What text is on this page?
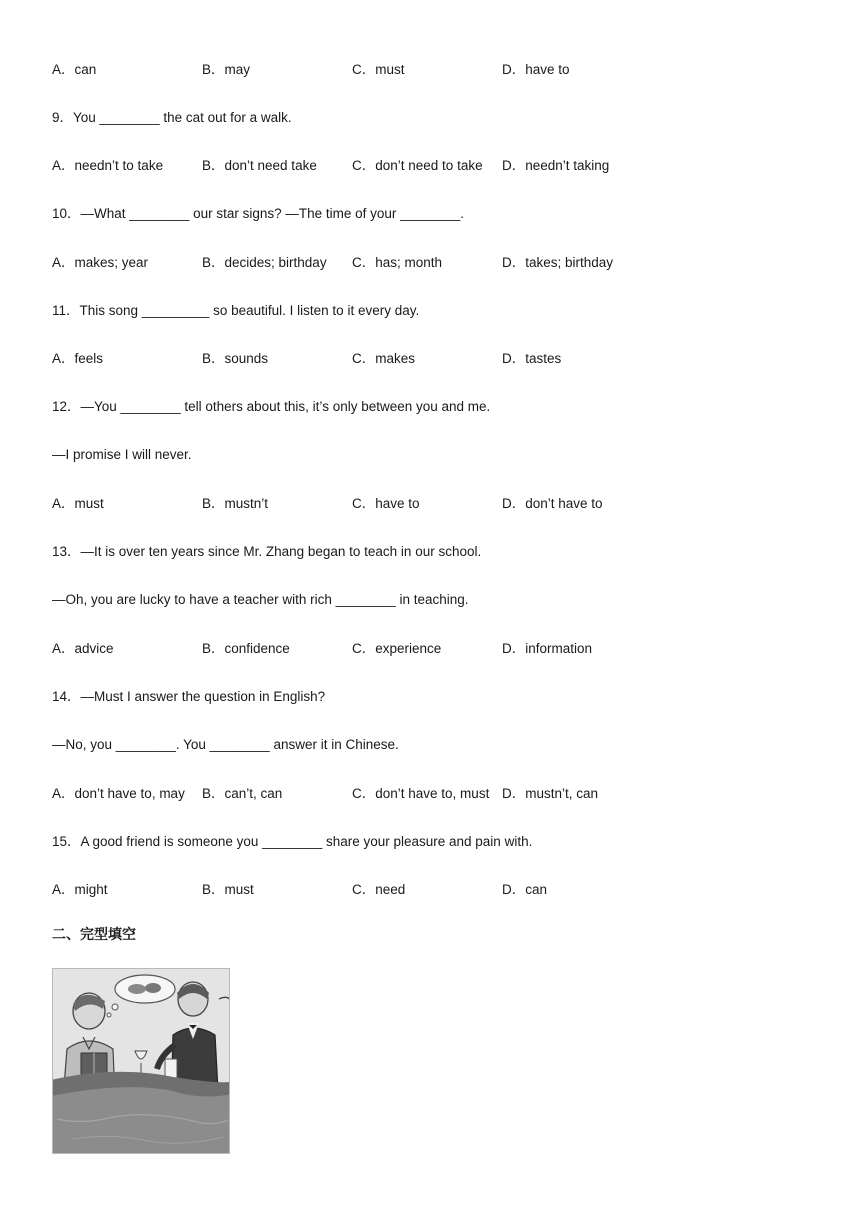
A．can	B．may	C．must	D．have to
9．You ________ the cat out for a walk.
A．needn’t to take	B．don’t need take	C．don’t need to take D．needn’t taking
10．—What ________ our star signs? —The time of your ________.
A．makes; year	B．decides; birthday C．has; month	D．takes; birthday
11．This song _________ so beautiful. I listen to it every day.
A．feels	B．sounds	C．makes	D．tastes
12．—You ________ tell others about this, it’s only between you and me.
—I promise I will never.
A．must	B．mustn’t	C．have to	D．don’t have to
13．—It is over ten years since Mr. Zhang began to teach in our school.
—Oh, you are lucky to have a teacher with rich ________ in teaching.
A．advice	B．confidence	C．experience	D．information
14．—Must I answer the question in English?
—No, you ________. You ________ answer it in Chinese.
A．don’t have to, may B．can’t, can	C．don’t have to, must D．mustn’t, can
15．A good friend is someone you ________ share your pleasure and pain with.
A．might	B．must	C．need	D．can
二、完型填空
